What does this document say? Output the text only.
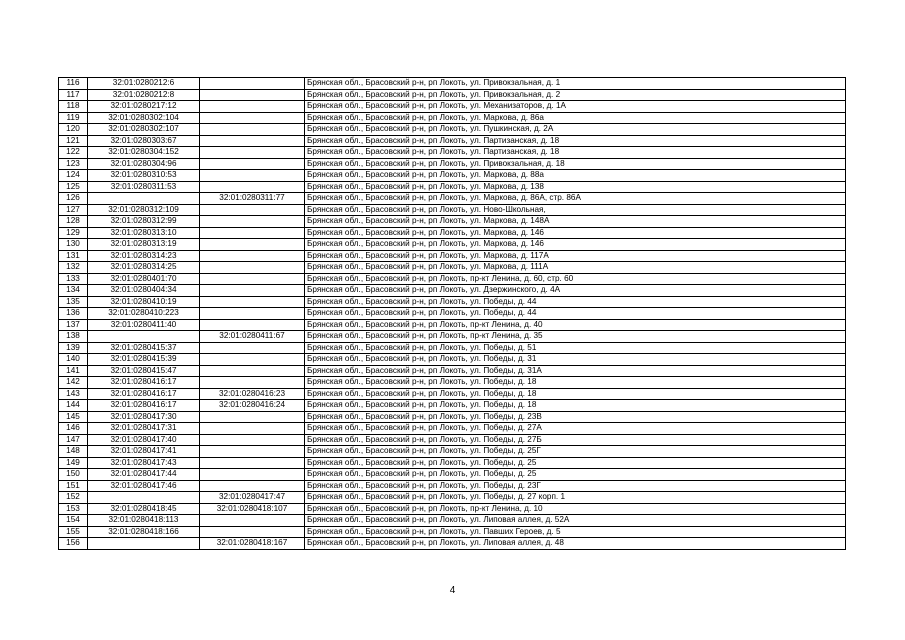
116	32:01:0280212:6		Брянская обл., Брасовский р-н, рп Локоть, ул. Привокзальная, д. 1
117	32:01:0280212:8		Брянская обл., Брасовский р-н, рп Локоть, ул. Привокзальная, д. 2
118	32:01:0280217:12		Брянская обл., Брасовский р-н, рп Локоть, ул. Механизаторов, д. 1А
119	32:01:0280302:104		Брянская обл., Брасовский р-н, рп Локоть, ул. Маркова, д. 86а
120	32:01:0280302:107		Брянская обл., Брасовский р-н, рп Локоть, ул. Пушкинская, д. 2А
121	32:01:0280303:67		Брянская обл., Брасовский р-н, рп Локоть, ул. Партизанская, д. 18
122	32:01:0280304:152		Брянская обл., Брасовский р-н, рп Локоть, ул. Партизанская, д. 18
123	32:01:0280304:96		Брянская обл., Брасовский р-н, рп Локоть, ул. Привокзальная, д. 18
124	32:01:0280310:53		Брянская обл., Брасовский р-н, рп Локоть, ул. Маркова, д. 88а
125	32:01:0280311:53		Брянская обл., Брасовский р-н, рп Локоть, ул. Маркова, д. 138
126		32:01:0280311:77	Брянская обл., Брасовский р-н, рп Локоть, ул. Маркова, д. 86А, стр. 86А
127	32:01:0280312:109		Брянская обл., Брасовский р-н, рп Локоть, ул. Ново-Школьная,
128	32:01:0280312:99		Брянская обл., Брасовский р-н, рп Локоть, ул. Маркова, д. 148А
129	32:01:0280313:10		Брянская обл., Брасовский р-н, рп Локоть, ул. Маркова, д. 146
130	32:01:0280313:19		Брянская обл., Брасовский р-н, рп Локоть, ул. Маркова, д. 146
131	32:01:0280314:23		Брянская обл., Брасовский р-н, рп Локоть, ул. Маркова, д. 117А
132	32:01:0280314:25		Брянская обл., Брасовский р-н, рп Локоть, ул. Маркова, д. 111А
133	32:01:0280401:70		Брянская обл., Брасовский р-н, рп Локоть, пр-кт Ленина, д. 60, стр. 60
134	32:01:0280404:34		Брянская обл., Брасовский р-н, рп Локоть, ул. Дзержинского, д. 4А
135	32:01:0280410:19		Брянская обл., Брасовский р-н, рп Локоть, ул. Победы, д. 44
136	32:01:0280410:223		Брянская обл., Брасовский р-н, рп Локоть, ул. Победы, д. 44
137	32:01:0280411:40		Брянская обл., Брасовский р-н, рп Локоть, пр-кт Ленина, д. 40
138		32:01:0280411:67	Брянская обл., Брасовский р-н, рп Локоть, пр-кт Ленина, д. 35
139	32:01:0280415:37		Брянская обл., Брасовский р-н, рп Локоть, ул. Победы, д. 51
140	32:01:0280415:39		Брянская обл., Брасовский р-н, рп Локоть, ул. Победы, д. 31
141	32:01:0280415:47		Брянская обл., Брасовский р-н, рп Локоть, ул. Победы, д. 31А
142	32:01:0280416:17		Брянская обл., Брасовский р-н, рп Локоть, ул. Победы, д. 18
143	32:01:0280416:17	32:01:0280416:23	Брянская обл., Брасовский р-н, рп Локоть, ул. Победы, д. 18
144	32:01:0280416:17	32:01:0280416:24	Брянская обл., Брасовский р-н, рп Локоть, ул. Победы, д. 18
145	32:01:0280417:30		Брянская обл., Брасовский р-н, рп Локоть, ул. Победы, д. 23В
146	32:01:0280417:31		Брянская обл., Брасовский р-н, рп Локоть, ул. Победы, д. 27А
147	32:01:0280417:40		Брянская обл., Брасовский р-н, рп Локоть, ул. Победы, д. 27Б
148	32:01:0280417:41		Брянская обл., Брасовский р-н, рп Локоть, ул. Победы, д. 25Г
149	32:01:0280417:43		Брянская обл., Брасовский р-н, рп Локоть, ул. Победы, д. 25
150	32:01:0280417:44		Брянская обл., Брасовский р-н, рп Локоть, ул. Победы, д. 25
151	32:01:0280417:46		Брянская обл., Брасовский р-н, рп Локоть, ул. Победы, д. 23Г
152		32:01:0280417:47	Брянская обл., Брасовский р-н, рп Локоть, ул. Победы, д. 27 корп. 1
153	32:01:0280418:45	32:01:0280418:107	Брянская обл., Брасовский р-н, рп Локоть, пр-кт Ленина, д. 10
154	32:01:0280418:113		Брянская обл., Брасовский р-н, рп Локоть, ул. Липовая аллея, д. 52А
155	32:01:0280418:166		Брянская обл., Брасовский р-н, рп Локоть, ул. Павших Героев, д. 5
156		32:01:0280418:167	Брянская обл., Брасовский р-н, рп Локоть, ул. Липовая аллея, д. 48
4
